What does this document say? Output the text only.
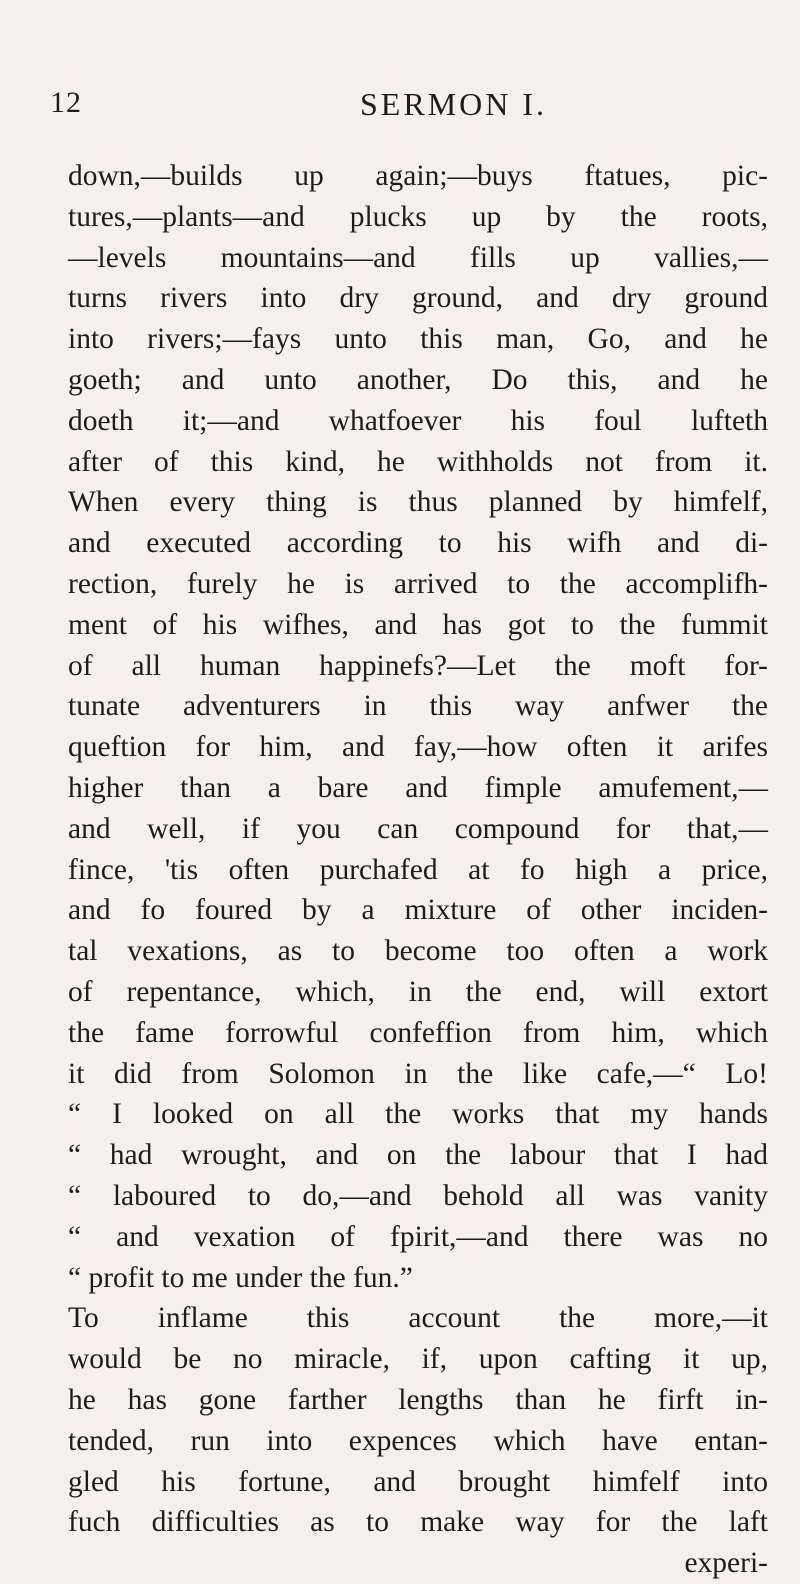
12	SERMON I.
down,—builds up again;—buys ftatues, pic-
tures,—plants—and plucks up by the roots,
—levels mountains—and fills up vallies,—
turns rivers into dry ground, and dry ground
into rivers;—fays unto this man, Go, and he
goeth; and unto another, Do this, and he
doeth it;—and whatfoever his foul lufteth
after of this kind, he withholds not from it.
When every thing is thus planned by himfelf,
and executed according to his wifh and di-
rection, furely he is arrived to the accomplifh-
ment of his wifhes, and has got to the fummit
of all human happinefs?—Let the moft for-
tunate adventurers in this way anfwer the
queftion for him, and fay,—how often it arifes
higher than a bare and fimple amufement,—
and well, if you can compound for that,—
fince, 'tis often purchafed at fo high a price,
and fo foured by a mixture of other inciden-
tal vexations, as to become too often a work
of repentance, which, in the end, will extort
the fame forrowful confeffion from him, which
it did from Solomon in the like cafe,—“ Lo!
“ I looked on all the works that my hands
“ had wrought, and on the labour that I had
“ laboured to do,—and behold all was vanity
“ and vexation of fpirit,—and there was no
“ profit to me under the fun.”
To inflame this account the more,—it
would be no miracle, if, upon cafting it up,
he has gone farther lengths than he firft in-
tended, run into expences which have entan-
gled his fortune, and brought himfelf into
fuch difficulties as to make way for the laft
experi-
